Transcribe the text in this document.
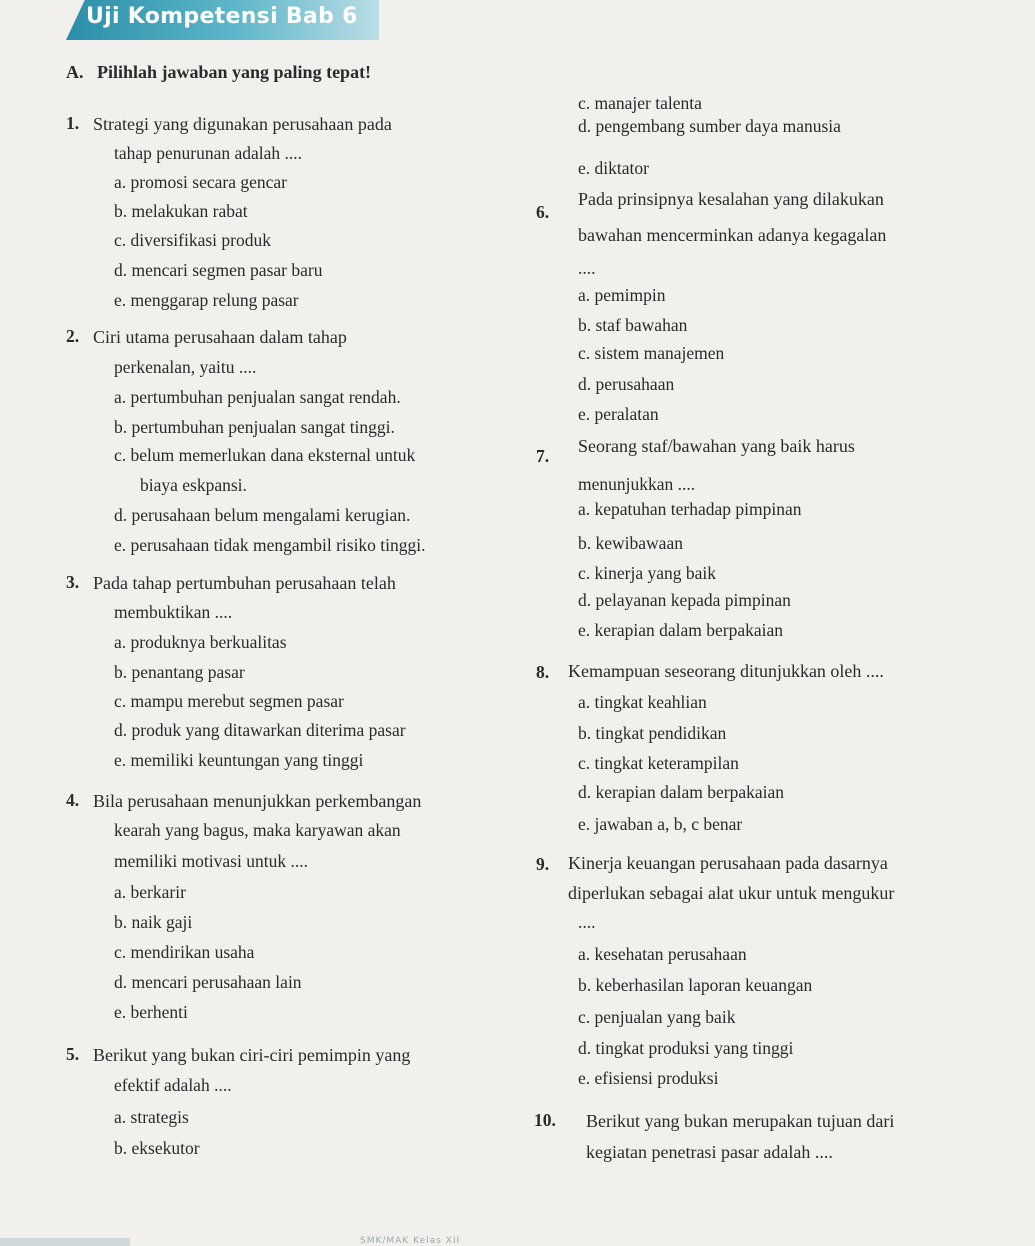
Uji Kompetensi Bab 6
A. Pilihlah jawaban yang paling tepat!
1. Strategi yang digunakan perusahaan pada
tahap penurunan adalah ....
a. promosi secara gencar
b. melakukan rabat
c. diversifikasi produk
d. mencari segmen pasar baru
e. menggarap relung pasar
2. Ciri utama perusahaan dalam tahap
perkenalan, yaitu ....
a. pertumbuhan penjualan sangat rendah.
b. pertumbuhan penjualan sangat tinggi.
c. belum memerlukan dana eksternal untuk
biaya eskpansi.
d. perusahaan belum mengalami kerugian.
e. perusahaan tidak mengambil risiko tinggi.
3. Pada tahap pertumbuhan perusahaan telah
membuktikan ....
a. produknya berkualitas
b. penantang pasar
c. mampu merebut segmen pasar
d. produk yang ditawarkan diterima pasar
e. memiliki keuntungan yang tinggi
4. Bila perusahaan menunjukkan perkembangan
kearah yang bagus, maka karyawan akan
memiliki motivasi untuk ....
a. berkarir
b. naik gaji
c. mendirikan usaha
d. mencari perusahaan lain
e. berhenti
5. Berikut yang bukan ciri-ciri pemimpin yang
efektif adalah ....
a. strategis
b. eksekutor
c. manajer talenta
d. pengembang sumber daya manusia
e. diktator
6.
Pada prinsipnya kesalahan yang dilakukan
bawahan mencerminkan adanya kegagalan
....
a. pemimpin
b. staf bawahan
c. sistem manajemen
d. perusahaan
e. peralatan
7. Seorang staf/bawahan yang baik harus
menunjukkan ....
a. kepatuhan terhadap pimpinan
b. kewibawaan
c. kinerja yang baik
d. pelayanan kepada pimpinan
e. kerapian dalam berpakaian
8. Kemampuan seseorang ditunjukkan oleh ....
a. tingkat keahlian
b. tingkat pendidikan
c. tingkat keterampilan
d. kerapian dalam berpakaian
e. jawaban a, b, c benar
9. Kinerja keuangan perusahaan pada dasarnya
diperlukan sebagai alat ukur untuk mengukur
....
a. kesehatan perusahaan
b. keberhasilan laporan keuangan
c. penjualan yang baik
d. tingkat produksi yang tinggi
e. efisiensi produksi
10. Berikut yang bukan merupakan tujuan dari
kegiatan penetrasi pasar adalah ....
SMK/MAK Kelas XII
